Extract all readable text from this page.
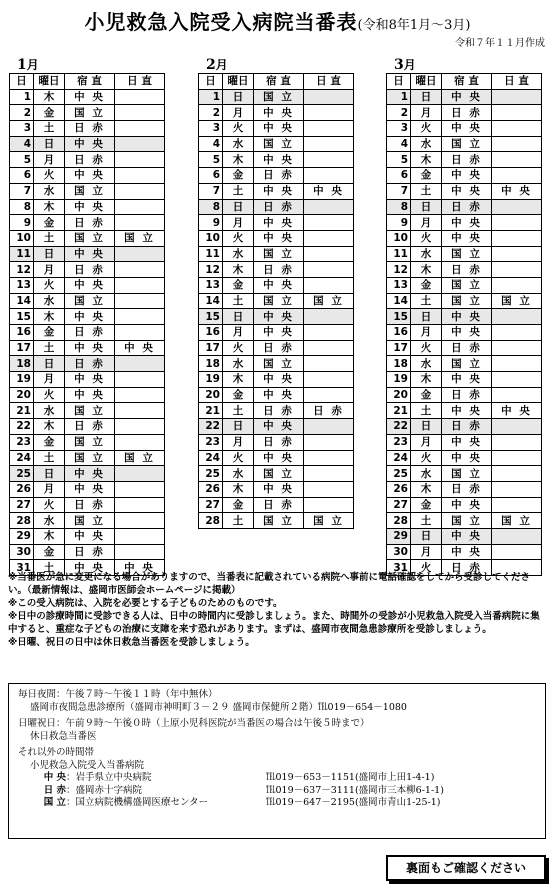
小児救急入院受入病院当番表(令和8年1月～3月)
令和７年１１月作成
1月
日	曜日	宿 直	日 直
1	木	中 央	
2	金	国 立	
3	土	日 赤	
4	日	中 央	
5	月	日 赤	
6	火	中 央	
7	水	国 立	
8	木	中 央	
9	金	日 赤	
10	土	国 立	国 立
11	日	中 央	
12	月	日 赤	
13	火	中 央	
14	水	国 立	
15	木	中 央	
16	金	日 赤	
17	土	中 央	中 央
18	日	日 赤	
19	月	中 央	
20	火	中 央	
21	水	国 立	
22	木	日 赤	
23	金	国 立	
24	土	国 立	国 立
25	日	中 央	
26	月	中 央	
27	火	日 赤	
28	水	国 立	
29	木	中 央	
30	金	日 赤	
31	土	中 央	中 央
2月
日	曜日	宿 直	日 直
1	日	国 立	
2	月	中 央	
3	火	中 央	
4	水	国 立	
5	木	中 央	
6	金	日 赤	
7	土	中 央	中 央
8	日	日 赤	
9	月	中 央	
10	火	中 央	
11	水	国 立	
12	木	日 赤	
13	金	中 央	
14	土	国 立	国 立
15	日	中 央	
16	月	中 央	
17	火	日 赤	
18	水	国 立	
19	木	中 央	
20	金	中 央	
21	土	日 赤	日 赤
22	日	中 央	
23	月	日 赤	
24	火	中 央	
25	水	国 立	
26	木	中 央	
27	金	日 赤	
28	土	国 立	国 立
3月
日	曜日	宿 直	日 直
1	日	中 央	
2	月	日 赤	
3	火	中 央	
4	水	国 立	
5	木	日 赤	
6	金	中 央	
7	土	中 央	中 央
8	日	日 赤	
9	月	中 央	
10	火	中 央	
11	水	国 立	
12	木	日 赤	
13	金	国 立	
14	土	国 立	国 立
15	日	中 央	
16	月	中 央	
17	火	日 赤	
18	水	国 立	
19	木	中 央	
20	金	日 赤	
21	土	中 央	中 央
22	日	日 赤	
23	月	中 央	
24	火	中 央	
25	水	国 立	
26	木	日 赤	
27	金	中 央	
28	土	国 立	国 立
29	日	中 央	
30	月	中 央	
31	火	日 赤	

※当番医が急に変更になる場合がありますので、当番表に記載されている病院へ事前に電話確認をしてから受診してください。（最新情報は、盛岡市医師会ホームページに掲載）

※この受入病院は、入院を必要とする子どものためのものです。

※日中の診療時間に受診できる人は、日中の時間内に受診しましょう。また、時間外の受診が小児救急入院受入当番病院に集中すると、重症な子どもの治療に支障を来す恐れがあります。まずは、盛岡市夜間急患診療所を受診しましょう。

※日曜、祝日の日中は休日救急当番医を受診しましょう。

毎日夜間：午後７時～午後１１時（年中無休）
盛岡市夜間急患診療所（盛岡市神明町３－２９ 盛岡市保健所２階）℡019－654－1080
日曜祝日：午前９時～午後０時（上原小児科医院が当番医の場合は午後５時まで）
休日救急当番医
それ以外の時間帯
小児救急入院受入当番病院
中 央 ：岩手県立中央病院	℡019－653－1151(盛岡市上田1-4-1)
日 赤 ：盛岡赤十字病院	℡019－637－3111(盛岡市三本柳6-1-1)
国 立 ：国立病院機構盛岡医療センター	℡019－647－2195(盛岡市青山1-25-1)
裏面もご確認ください
